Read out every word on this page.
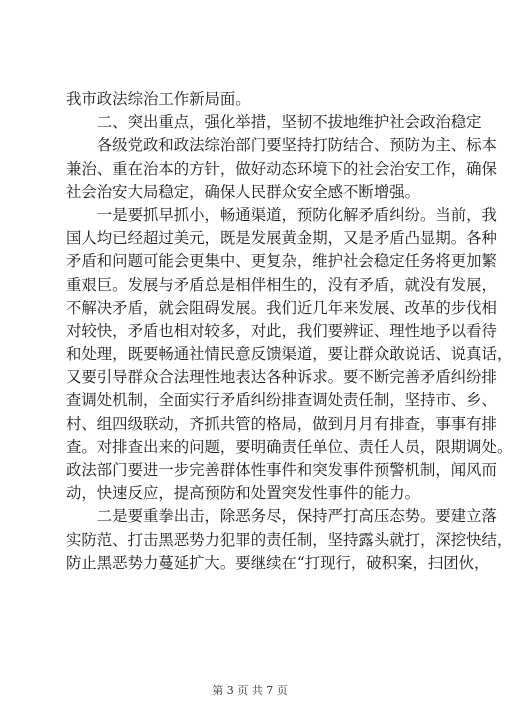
我市政法综治工作新局面。
　　二、突出重点，强化举措，坚韧不拔地维护社会政治稳定
　　各级党政和政法综治部门要坚持打防结合、预防为主、标本
兼治、重在治本的方针，做好动态环境下的社会治安工作，确保
社会治安大局稳定，确保人民群众安全感不断增强。
　　一是要抓早抓小，畅通渠道，预防化解矛盾纠纷。当前，我
国人均已经超过美元，既是发展黄金期，又是矛盾凸显期。各种
矛盾和问题可能会更集中、更复杂，维护社会稳定任务将更加繁
重艰巨。发展与矛盾总是相伴相生的，没有矛盾，就没有发展，
不解决矛盾，就会阻碍发展。我们近几年来发展、改革的步伐相
对较快，矛盾也相对较多，对此，我们要辨证、理性地予以看待
和处理，既要畅通社情民意反馈渠道，要让群众敢说话、说真话，
又要引导群众合法理性地表达各种诉求。要不断完善矛盾纠纷排
查调处机制，全面实行矛盾纠纷排查调处责任制，坚持市、乡、
村、组四级联动，齐抓共管的格局，做到月月有排查，事事有排
查。对排查出来的问题，要明确责任单位、责任人员，限期调处。
政法部门要进一步完善群体性事件和突发事件预警机制，闻风而
动，快速反应，提高预防和处置突发性事件的能力。
　　二是要重拳出击，除恶务尽，保持严打高压态势。要建立落
实防范、打击黑恶势力犯罪的责任制，坚持露头就打，深挖快结，
防止黑恶势力蔓延扩大。要继续在“打现行，破积案，扫团伙，
第 3 页 共 7 页
